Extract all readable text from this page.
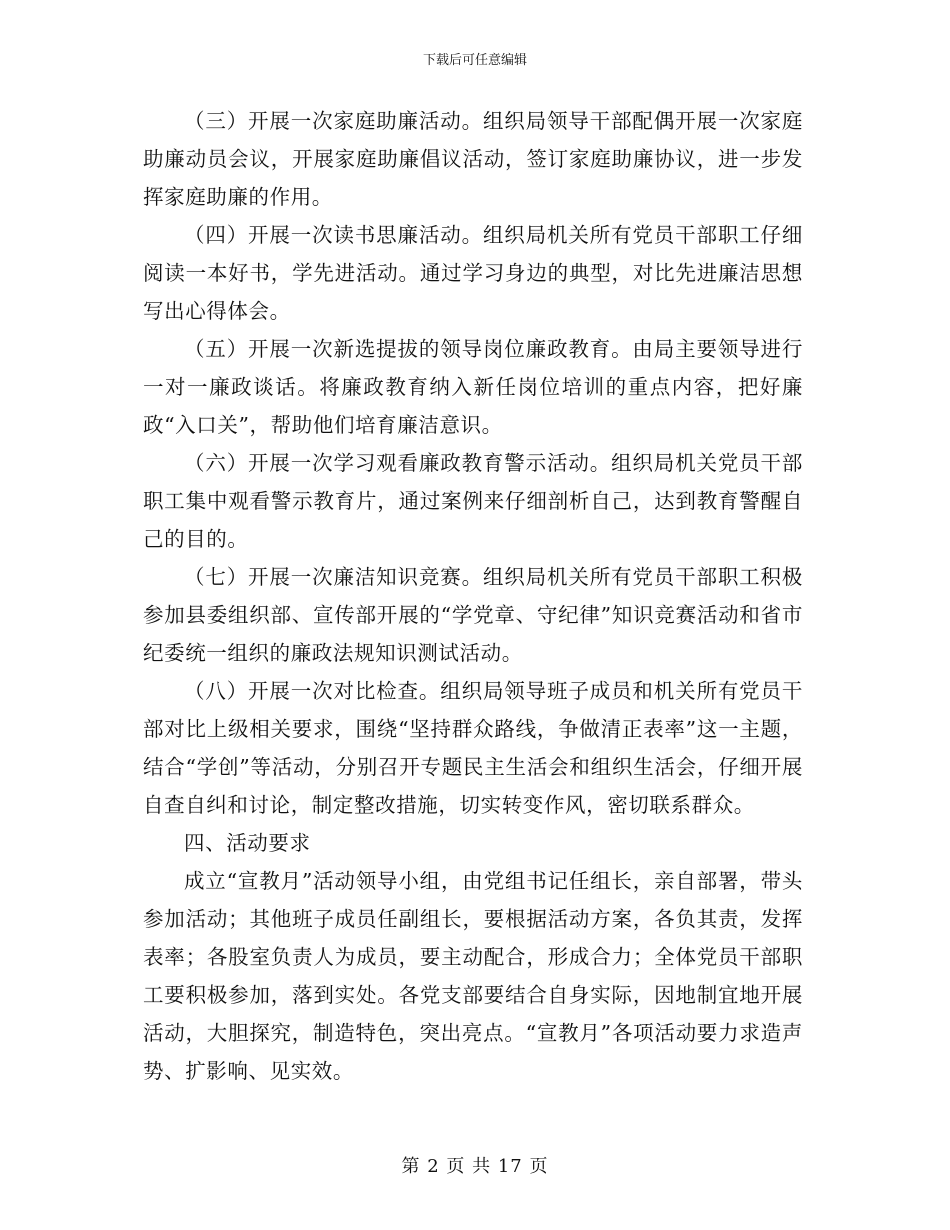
下载后可任意编辑

（三）开展一次家庭助廉活动。组织局领导干部配偶开展一次家庭助廉动员会议，开展家庭助廉倡议活动，签订家庭助廉协议，进一步发挥家庭助廉的作用。

（四）开展一次读书思廉活动。组织局机关所有党员干部职工仔细阅读一本好书，学先进活动。通过学习身边的典型，对比先进廉洁思想写出心得体会。

（五）开展一次新选提拔的领导岗位廉政教育。由局主要领导进行一对一廉政谈话。将廉政教育纳入新任岗位培训的重点内容，把好廉政“入口关”，帮助他们培育廉洁意识。

（六）开展一次学习观看廉政教育警示活动。组织局机关党员干部职工集中观看警示教育片，通过案例来仔细剖析自己，达到教育警醒自己的目的。

（七）开展一次廉洁知识竞赛。组织局机关所有党员干部职工积极参加县委组织部、宣传部开展的“学党章、守纪律”知识竞赛活动和省市纪委统一组织的廉政法规知识测试活动。

（八）开展一次对比检查。组织局领导班子成员和机关所有党员干部对比上级相关要求，围绕“坚持群众路线，争做清正表率”这一主题，结合“学创”等活动，分别召开专题民主生活会和组织生活会，仔细开展自查自纠和讨论，制定整改措施，切实转变作风，密切联系群众。

四、活动要求

成立“宣教月”活动领导小组，由党组书记任组长，亲自部署，带头参加活动；其他班子成员任副组长，要根据活动方案，各负其责，发挥表率；各股室负责人为成员，要主动配合，形成合力；全体党员干部职工要积极参加，落到实处。各党支部要结合自身实际，因地制宜地开展活动，大胆探究，制造特色，突出亮点。“宣教月”各项活动要力求造声势、扩影响、见实效。

第 2 页 共 17 页
